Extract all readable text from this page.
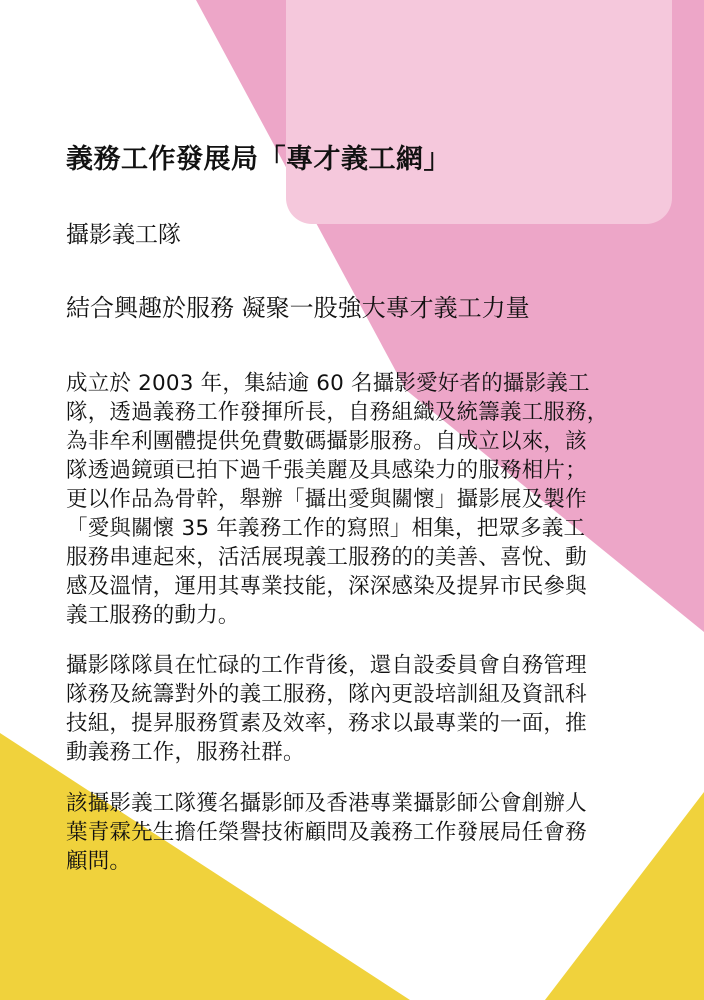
義務工作發展局「專才義工網」
攝影義工隊

結合興趣於服務 凝聚一股強大專才義工力量

成立於 2003 年，集結逾 60 名攝影愛好者的攝影義工
隊，透過義務工作發揮所長，自務組織及統籌義工服務，
為非牟利團體提供免費數碼攝影服務。自成立以來，該
隊透過鏡頭已拍下過千張美麗及具感染力的服務相片；
更以作品為骨幹，舉辦「攝出愛與關懷」攝影展及製作
「愛與關懷 35 年義務工作的寫照」相集，把眾多義工
服務串連起來，活活展現義工服務的的美善、喜悅、動
感及溫情，運用其專業技能，深深感染及提昇市民參與
義工服務的動力。

攝影隊隊員在忙碌的工作背後，還自設委員會自務管理
隊務及統籌對外的義工服務，隊內更設培訓組及資訊科
技組，提昇服務質素及效率，務求以最專業的一面，推
動義務工作，服務社群。

該攝影義工隊獲名攝影師及香港專業攝影師公會創辦人
葉青霖先生擔任榮譽技術顧問及義務工作發展局任會務
顧問。
